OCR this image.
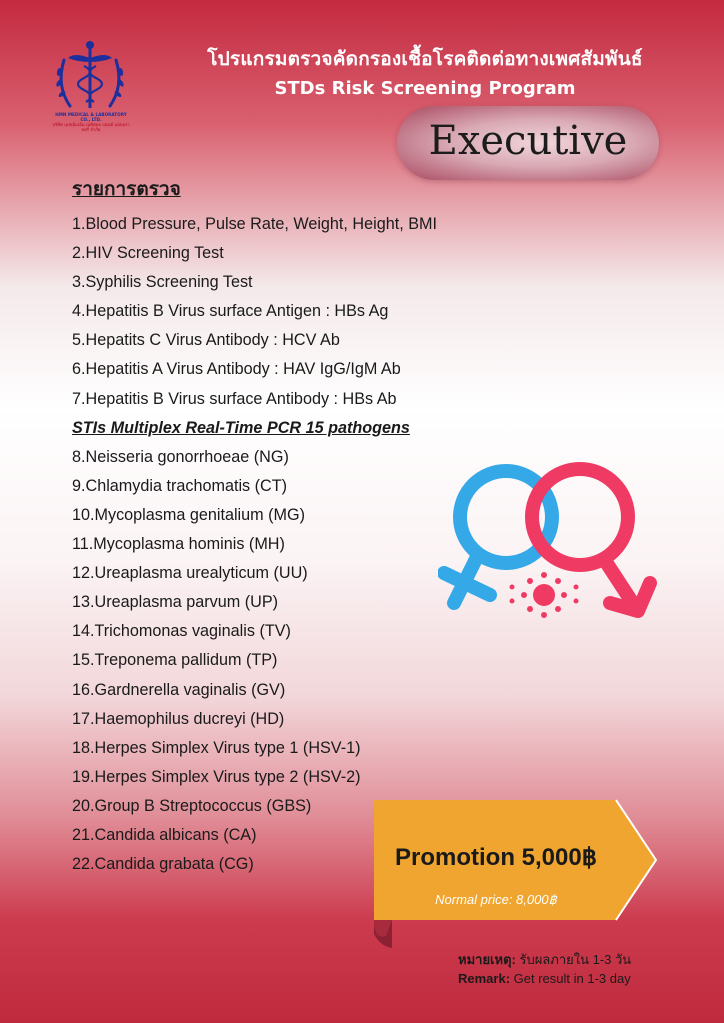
HMN MEDICAL & LABORATORY CO., LTD.
บริษัท เอชเอ็มเอ็น เมดิคอล แอนด์ แลบอราทอรี่ จำกัด
โปรแกรมตรวจคัดกรองเชื้อโรคติดต่อทางเพศสัมพันธ์
STDs Risk Screening Program
Executive
รายการตรวจ
1.Blood Pressure, Pulse Rate, Weight, Height, BMI
2.HIV Screening Test
3.Syphilis Screening Test
4.Hepatitis B Virus surface Antigen : HBs Ag
5.Hepatits C Virus Antibody : HCV Ab
6.Hepatitis A Virus Antibody : HAV IgG/IgM Ab
7.Hepatitis B Virus surface Antibody : HBs Ab
STIs Multiplex Real-Time PCR 15 pathogens
8.Neisseria gonorrhoeae (NG)
9.Chlamydia trachomatis (CT)
10.Mycoplasma genitalium (MG)
11.Mycoplasma hominis (MH)
12.Ureaplasma urealyticum (UU)
13.Ureaplasma parvum (UP)
14.Trichomonas vaginalis (TV)
15.Treponema pallidum (TP)
16.Gardnerella vaginalis (GV)
17.Haemophilus ducreyi (HD)
18.Herpes Simplex Virus type 1 (HSV-1)
19.Herpes Simplex Virus type 2 (HSV-2)
20.Group B Streptococcus (GBS)
21.Candida albicans (CA)
22.Candida grabata (CG)	Promotion 5,000฿
Normal price: 8,000฿
หมายเหตุ: รับผลภายใน 1-3 วัน
Remark: Get result in 1-3 day
